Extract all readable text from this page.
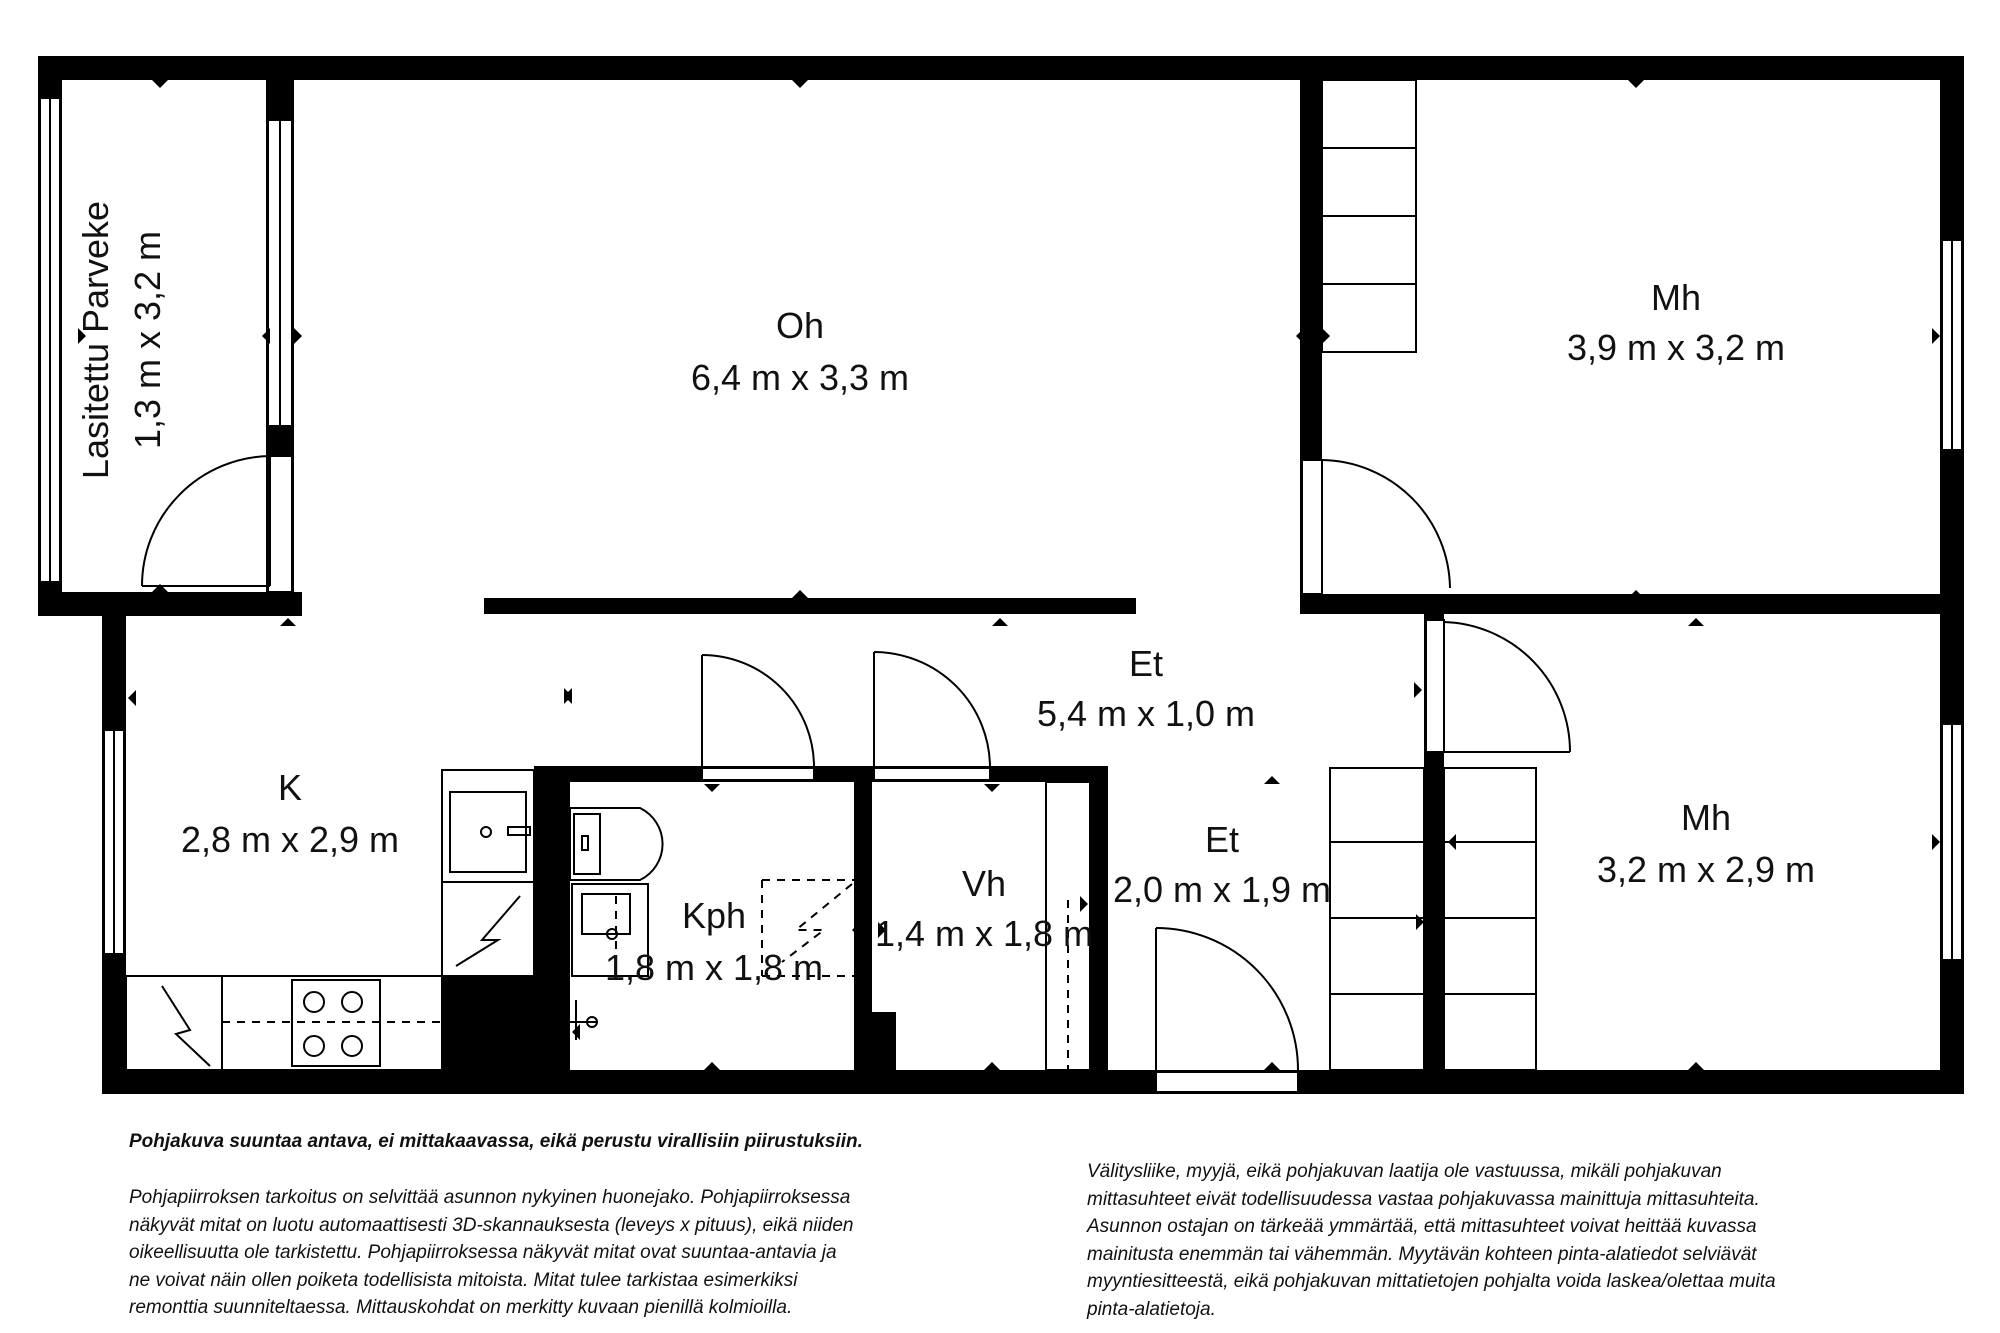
Lasitettu Parveke 1,3 m x 3,2 m	Oh
6,4 m x 3,3 m
Mh
3,9 m x 3,2 m
Et
5,4 m x 1,0 m
K
2,8 m x 2,9 m
Kph
1,8 m x 1,8 m
Vh
1,4 m x 1,8 m
Et
2,0 m x 1,9 m
Mh
3,2 m x 2,9 m

Pohjakuva suuntaa antava, ei mittakaavassa, eikä perustu virallisiin piirustuksiin.

Pohjapiirroksen tarkoitus on selvittää asunnon nykyinen huonejako. Pohjapiirroksessa
näkyvät mitat on luotu automaattisesti 3D-skannauksesta (leveys x pituus), eikä niiden
oikeellisuutta ole tarkistettu. Pohjapiirroksessa näkyvät mitat ovat suuntaa-antavia ja
ne voivat näin ollen poiketa todellisista mitoista. Mitat tulee tarkistaa esimerkiksi
remonttia suunniteltaessa. Mittauskohdat on merkitty kuvaan pienillä kolmioilla.

Välitysliike, myyjä, eikä pohjakuvan laatija ole vastuussa, mikäli pohjakuvan
mittasuhteet eivät todellisuudessa vastaa pohjakuvassa mainittuja mittasuhteita.
Asunnon ostajan on tärkeää ymmärtää, että mittasuhteet voivat heittää kuvassa
mainitusta enemmän tai vähemmän. Myytävän kohteen pinta-alatiedot selviävät
myyntiesitteestä, eikä pohjakuvan mittatietojen pohjalta voida laskea/olettaa muita
pinta-alatietoja.
